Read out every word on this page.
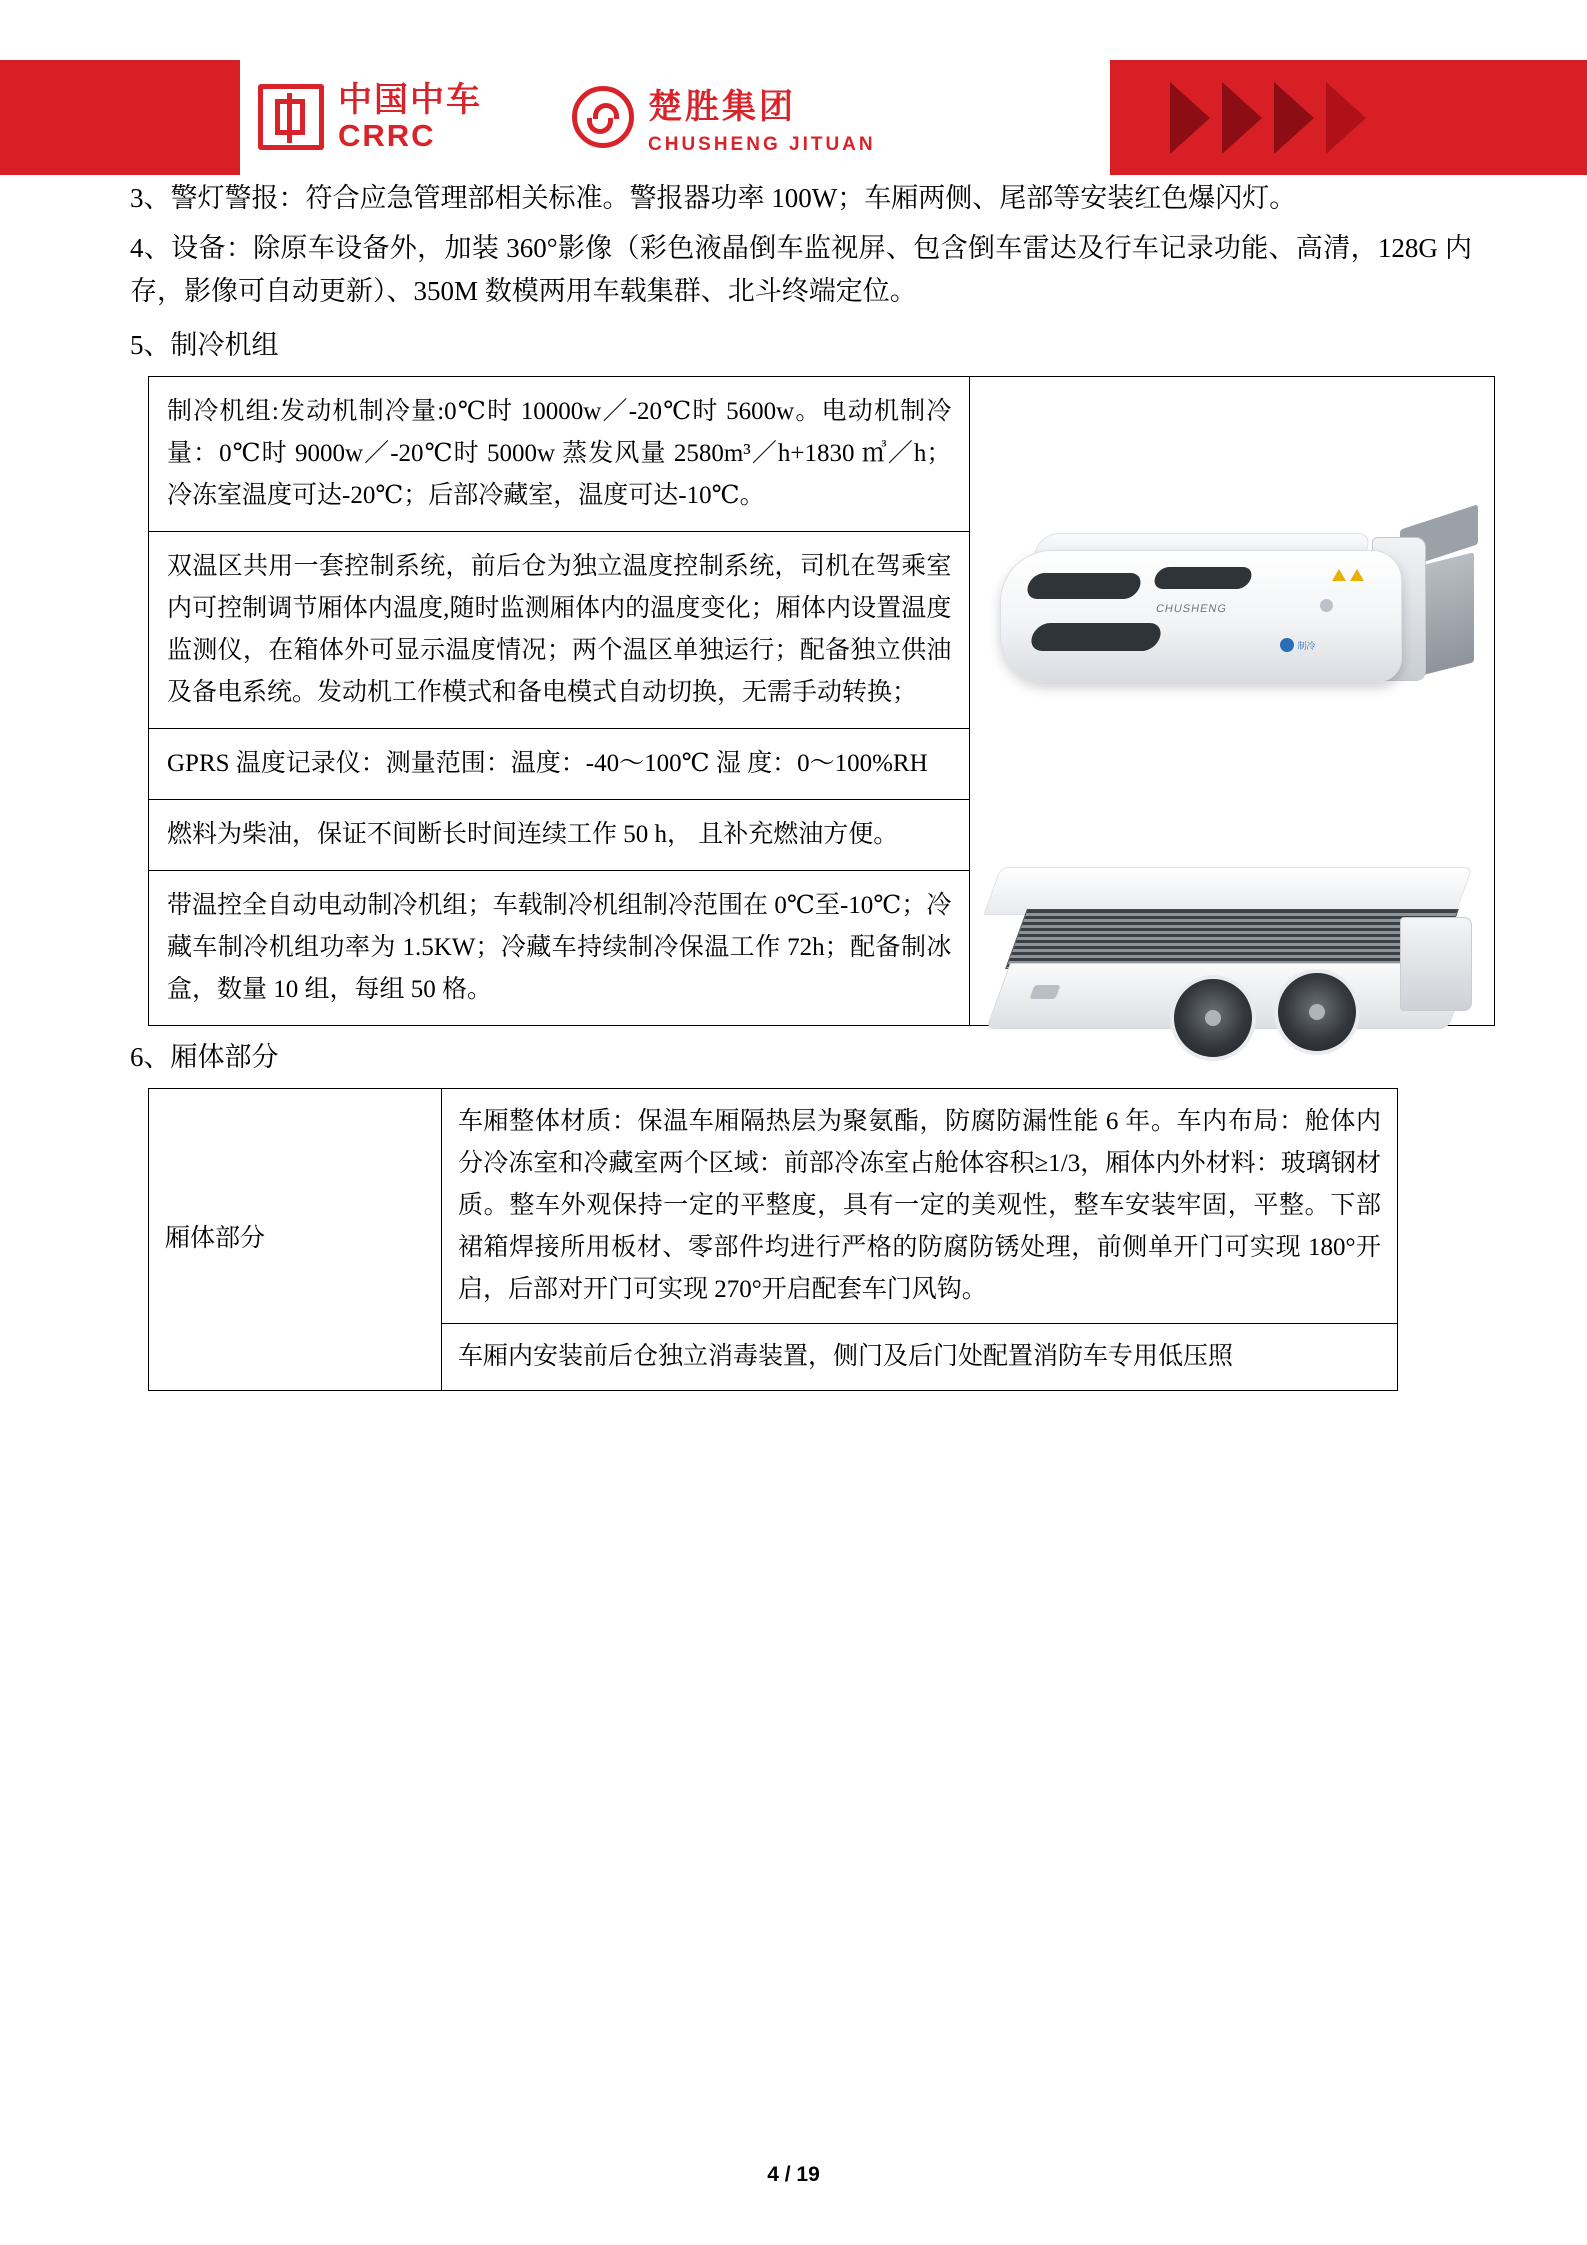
中国中车
CRRC
楚胜集团
CHUSHENG JITUAN

3、警灯警报：符合应急管理部相关标准。警报器功率 100W；车厢两侧、尾部等安装红色爆闪灯。

4、设备：除原车设备外，加装 360°影像（彩色液晶倒车监视屏、包含倒车雷达及行车记录功能、高清，128G 内存，影像可自动更新）、350M 数模两用车载集群、北斗终端定位。

5、制冷机组
制冷机组:发动机制冷量:0℃时 10000w／-20℃时 5600w。电动机制冷量：0℃时 9000w／-20℃时 5000w 蒸发风量 2580m³／h+1830 ㎥／h；冷冻室温度可达-20℃；后部冷藏室，温度可达-10℃。
双温区共用一套控制系统，前后仓为独立温度控制系统，司机在驾乘室内可控制调节厢体内温度,随时监测厢体内的温度变化；厢体内设置温度监测仪，在箱体外可显示温度情况；两个温区单独运行；配备独立供油及备电系统。发动机工作模式和备电模式自动切换，无需手动转换；
GPRS 温度记录仪：测量范围：温度：-40～100℃ 湿 度：0～100%RH
燃料为柴油，保证不间断长时间连续工作 50 h， 且补充燃油方便。
带温控全自动电动制冷机组；车载制冷机组制冷范围在 0℃至-10℃；冷藏车制冷机组功率为 1.5KW；冷藏车持续制冷保温工作 72h；配备制冰盒，数量 10 组，每组 50 格。
CHUSHENG
制冷
6、厢体部分
厢体部分	车厢整体材质：保温车厢隔热层为聚氨酯，防腐防漏性能 6 年。车内布局：舱体内分冷冻室和冷藏室两个区域：前部冷冻室占舱体容积≥1/3，厢体内外材料：玻璃钢材质。整车外观保持一定的平整度，具有一定的美观性，整车安装牢固，平整。下部裙箱焊接所用板材、零部件均进行严格的防腐防锈处理，前侧单开门可实现 180°开启，后部对开门可实现 270°开启配套车门风钩。
车厢内安装前后仓独立消毒装置，侧门及后门处配置消防车专用低压照
4 / 19
